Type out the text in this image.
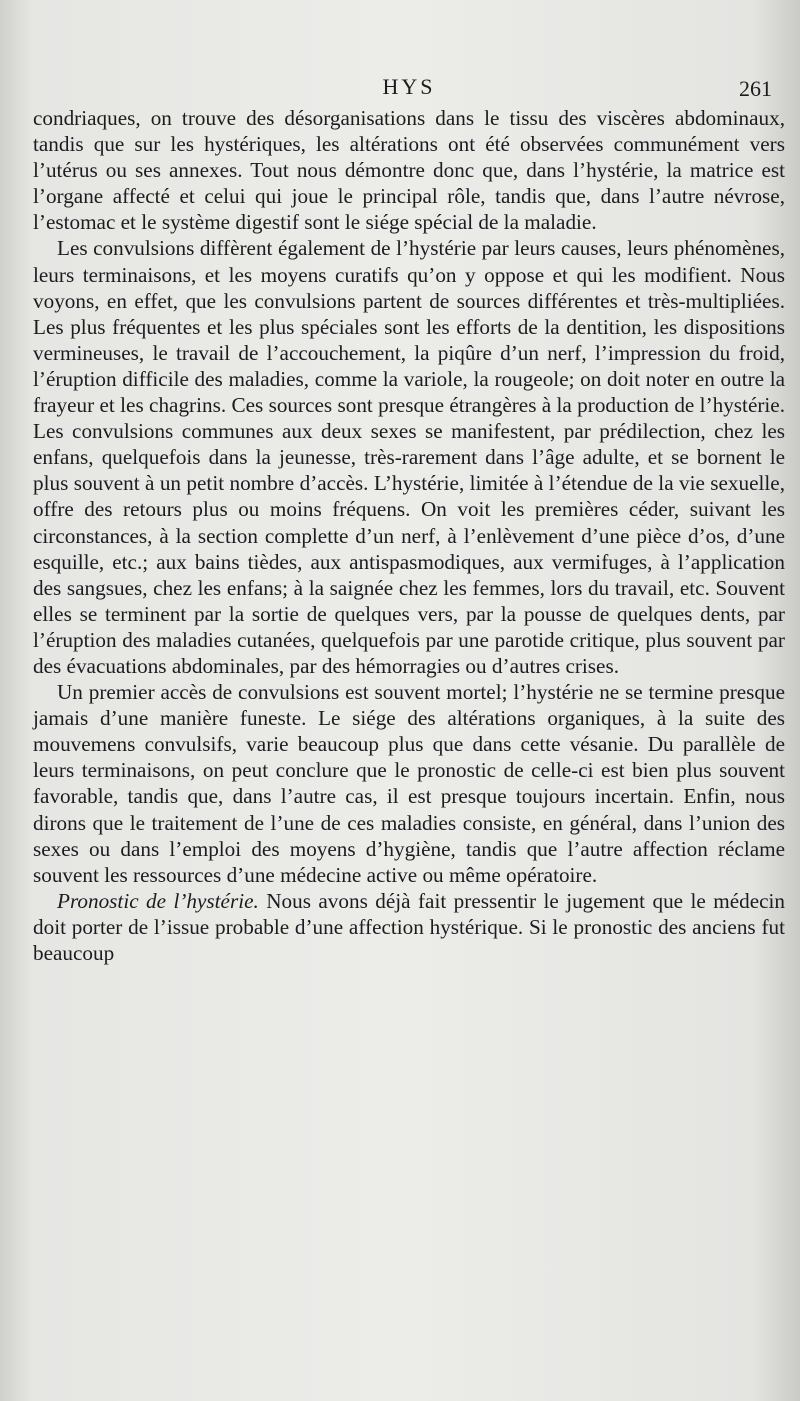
HYS	261

condriaques, on trouve des désorganisations dans le tissu des viscères abdominaux, tandis que sur les hystériques, les altérations ont été observées communément vers l’utérus ou ses annexes. Tout nous démontre donc que, dans l’hystérie, la matrice est l’organe affecté et celui qui joue le principal rôle, tandis que, dans l’autre névrose, l’estomac et le système digestif sont le siége spécial de la maladie.

Les convulsions diffèrent également de l’hystérie par leurs causes, leurs phénomènes, leurs terminaisons, et les moyens curatifs qu’on y oppose et qui les modifient. Nous voyons, en effet, que les convulsions partent de sources différentes et très-multipliées. Les plus fréquentes et les plus spéciales sont les efforts de la dentition, les dispositions vermineuses, le travail de l’accouchement, la piqûre d’un nerf, l’impression du froid, l’éruption difficile des maladies, comme la variole, la rougeole; on doit noter en outre la frayeur et les chagrins. Ces sources sont presque étrangères à la production de l’hystérie. Les convulsions communes aux deux sexes se manifestent, par prédilection, chez les enfans, quelquefois dans la jeunesse, très-rarement dans l’âge adulte, et se bornent le plus souvent à un petit nombre d’accès. L’hystérie, limitée à l’étendue de la vie sexuelle, offre des retours plus ou moins fréquens. On voit les premières céder, suivant les circonstances, à la section complette d’un nerf, à l’enlèvement d’une pièce d’os, d’une esquille, etc.; aux bains tièdes, aux antispasmodiques, aux vermifuges, à l’application des sangsues, chez les enfans; à la saignée chez les femmes, lors du travail, etc. Souvent elles se terminent par la sortie de quelques vers, par la pousse de quelques dents, par l’éruption des maladies cutanées, quelquefois par une parotide critique, plus souvent par des évacuations abdominales, par des hémorragies ou d’autres crises.

Un premier accès de convulsions est souvent mortel; l’hystérie ne se termine presque jamais d’une manière funeste. Le siége des altérations organiques, à la suite des mouvemens convulsifs, varie beaucoup plus que dans cette vésanie. Du parallèle de leurs terminaisons, on peut conclure que le pronostic de celle-ci est bien plus souvent favorable, tandis que, dans l’autre cas, il est presque toujours incertain. Enfin, nous dirons que le traitement de l’une de ces maladies consiste, en général, dans l’union des sexes ou dans l’emploi des moyens d’hygiène, tandis que l’autre affection réclame souvent les ressources d’une médecine active ou même opératoire.

Pronostic de l’hystérie. Nous avons déjà fait pressentir le jugement que le médecin doit porter de l’issue probable d’une affection hystérique. Si le pronostic des anciens fut beaucoup
